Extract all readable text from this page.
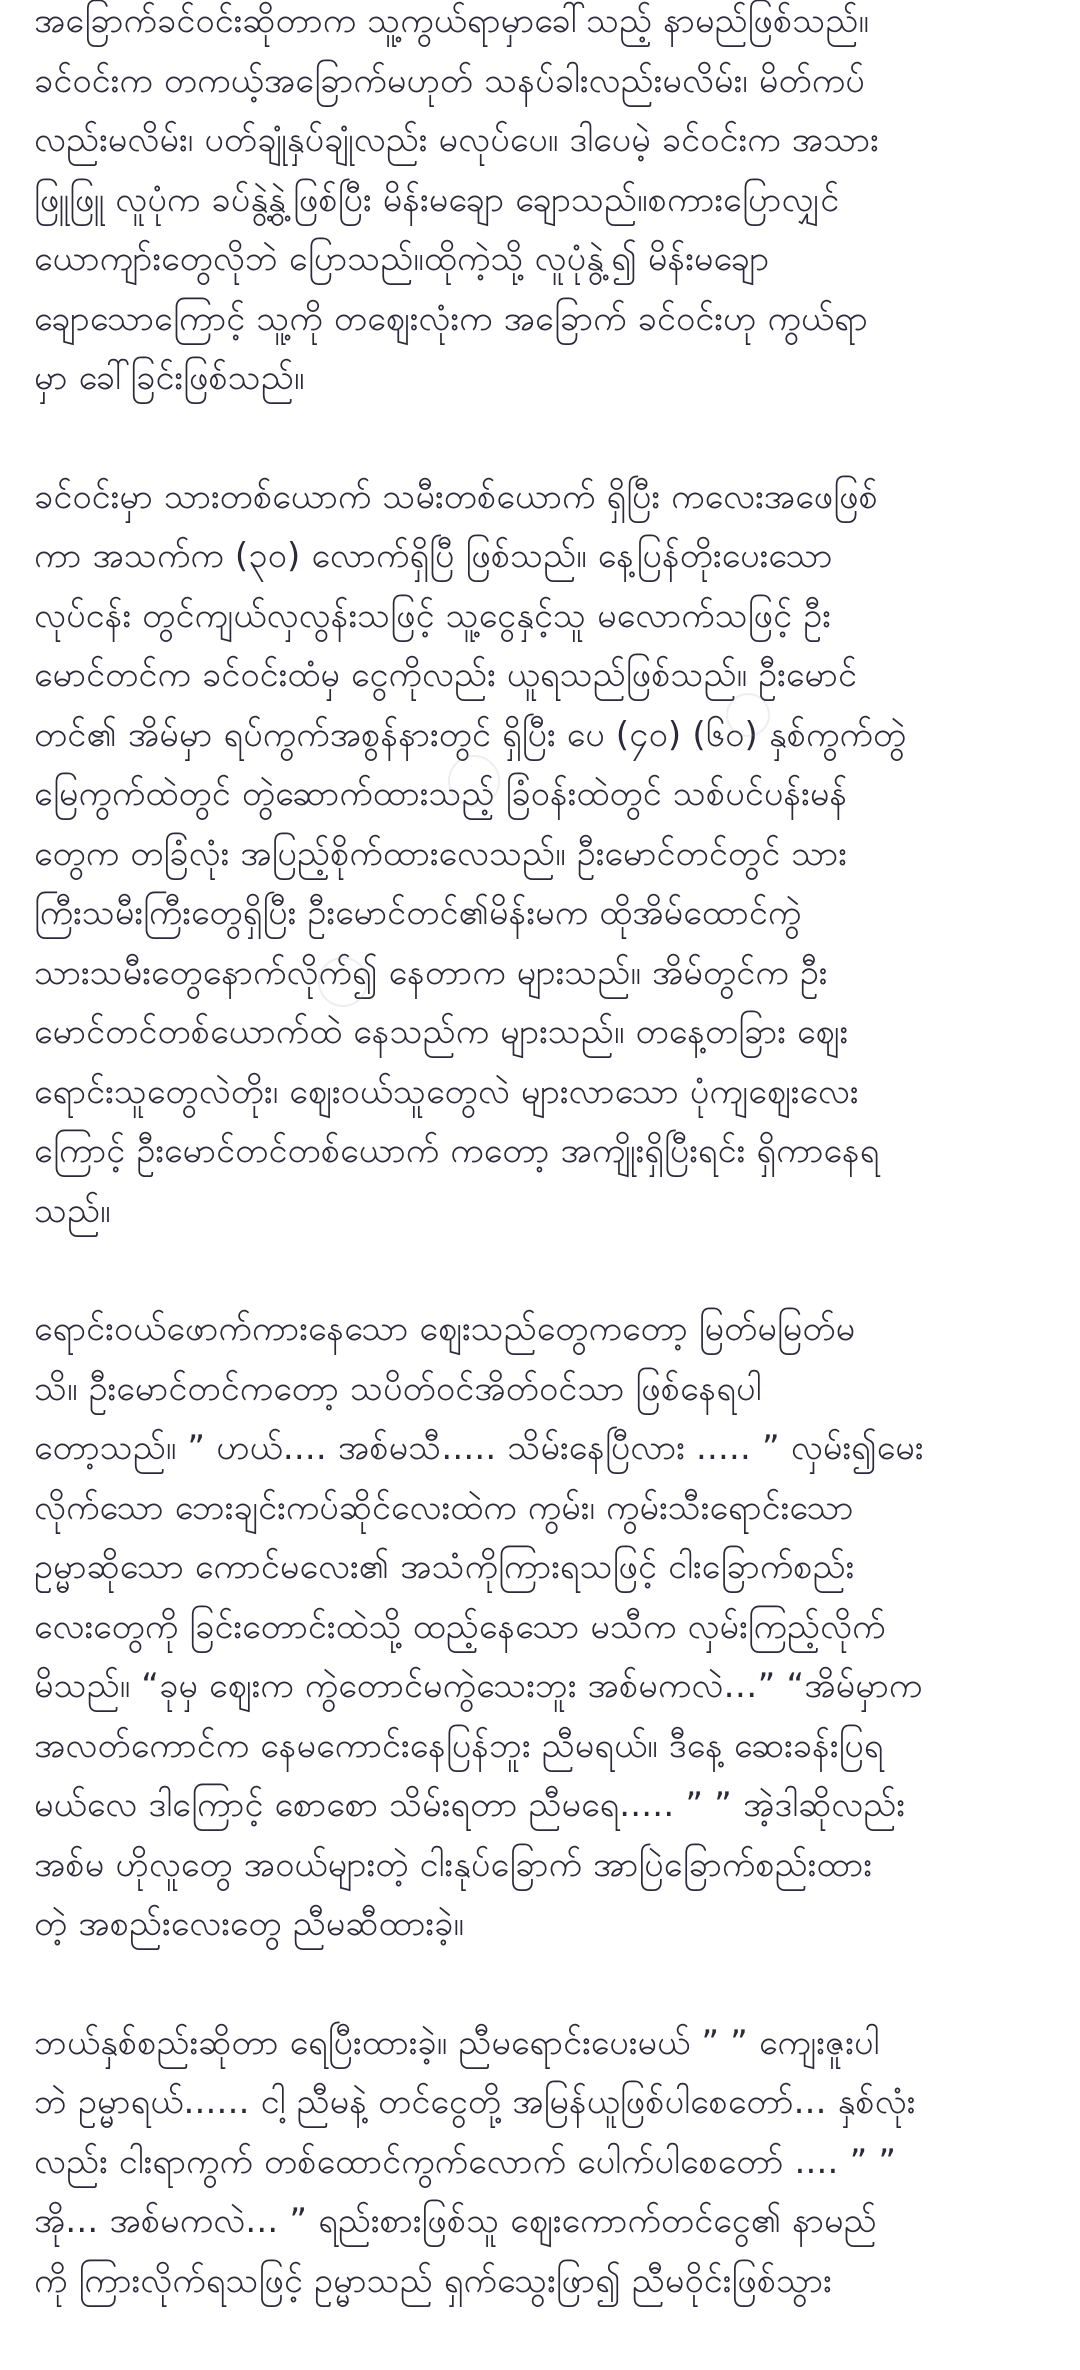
အခြောက်ခင်ဝင်းဆိုတာက သူ့ကွယ်ရာမှာခေါ်သည့် နာမည်ဖြစ်သည်။
ခင်ဝင်းက တကယ့်အခြောက်မဟုတ် သနပ်ခါးလည်းမလိမ်း၊ မိတ်ကပ်
လည်းမလိမ်း၊ ပတ်ချုံနှပ်ချုံလည်း မလုပ်ပေ။ ဒါပေမဲ့ ခင်ဝင်းက အသား
ဖြူဖြူ လူပုံက ခပ်နွဲ့နွဲ့ဖြစ်ပြီး မိန်းမချော ချောသည်။စကားပြောလျှင်
ယောကျာ်းတွေလိုဘဲ ပြောသည်။ထိုကဲ့သို့ လူပုံနွဲ့၍ မိန်းမချော
ချောသောကြောင့် သူ့ကို တဈေးလုံးက အခြောက် ခင်ဝင်းဟု ကွယ်ရာ
မှာ ခေါ်ခြင်းဖြစ်သည်။
ခင်ဝင်းမှာ သားတစ်ယောက် သမီးတစ်ယောက် ရှိပြီး ကလေးအဖေဖြစ်
ကာ အသက်က (၃၀) လောက်ရှိပြီ ဖြစ်သည်။ နေ့ပြန်တိုးပေးသော
လုပ်ငန်း တွင်ကျယ်လှလွန်းသဖြင့် သူ့ငွေနှင့်သူ မလောက်သဖြင့် ဦး
မောင်တင်က ခင်ဝင်းထံမှ ငွေကိုလည်း ယူရသည်ဖြစ်သည်။ ဦးမောင်
တင်၏ အိမ်မှာ ရပ်ကွက်အစွန်နားတွင် ရှိပြီး ပေ (၄၀) (၆၀) နှစ်ကွက်တွဲ
မြေကွက်ထဲတွင် တွဲဆောက်ထားသည့် ခြံဝန်းထဲတွင် သစ်ပင်ပန်းမန်
တွေက တခြံလုံး အပြည့်စိုက်ထားလေသည်။ ဦးမောင်တင်တွင် သား
ကြီးသမီးကြီးတွေရှိပြီး ဦးမောင်တင်၏မိန်းမက ထိုအိမ်ထောင်ကွဲ
သားသမီးတွေနောက်လိုက်၍ နေတာက များသည်။ အိမ်တွင်က ဦး
မောင်တင်တစ်ယောက်ထဲ နေသည်က များသည်။ တနေ့တခြား ဈေး
ရောင်းသူတွေလဲတိုး၊ ဈေးဝယ်သူတွေလဲ များလာသော ပုံကျဈေးလေး
ကြောင့် ဦးမောင်တင်တစ်ယောက် ကတော့ အကျိုးရှိပြီးရင်း ရှိကာနေရ
သည်။
ရောင်းဝယ်ဖောက်ကားနေသော ဈေးသည်တွေကတော့ မြတ်မမြတ်မ
သိ။ ဦးမောင်တင်ကတော့ သပိတ်ဝင်အိတ်ဝင်သာ ဖြစ်နေရပါ
တော့သည်။ ” ဟယ်.... အစ်မသီ..... သိမ်းနေပြီလား ..... ” လှမ်း၍မေး
လိုက်သော ဘေးချင်းကပ်ဆိုင်လေးထဲက ကွမ်း၊ ကွမ်းသီးရောင်းသော
ဥမ္မာဆိုသော ကောင်မလေး၏ အသံကိုကြားရသဖြင့် ငါးခြောက်စည်း
လေးတွေကို ခြင်းတောင်းထဲသို့ ထည့်နေသော မသီက လှမ်းကြည့်လိုက်
မိသည်။ “ခုမှ ဈေးက ကွဲတောင်မကွဲသေးဘူး အစ်မကလဲ…” “အိမ်မှာက
အလတ်ကောင်က နေမကောင်းနေပြန်ဘူး ညီမရယ်။ ဒီနေ့ ဆေးခန်းပြရ
မယ်လေ ဒါကြောင့် စောစော သိမ်းရတာ ညီမရေ..... ” ” အဲ့ဒါဆိုလည်း
အစ်မ ဟိုလူတွေ အဝယ်များတဲ့ ငါးနုပ်ခြောက် အာပြဲခြောက်စည်းထား
တဲ့ အစည်းလေးတွေ ညီမဆီထားခဲ့။
ဘယ်နှစ်စည်းဆိုတာ ရေပြီးထားခဲ့။ ညီမရောင်းပေးမယ် ” ” ကျေးဇူးပါ
ဘဲ ဥမ္မာရယ်...... ငါ့ ညီမနဲ့ တင်ငွေတို့ အမြန်ယူဖြစ်ပါစေတော်... နှစ်လုံး
လည်း ငါးရာကွက် တစ်ထောင်ကွက်လောက် ပေါက်ပါစေတော် .... ” ”
အို... အစ်မကလဲ... ” ရည်းစားဖြစ်သူ ဈေးကောက်တင်ငွေ၏ နာမည်
ကို ကြားလိုက်ရသဖြင့် ဥမ္မာသည် ရှက်သွေးဖြာ၍ ညီမဝိုင်းဖြစ်သွား
